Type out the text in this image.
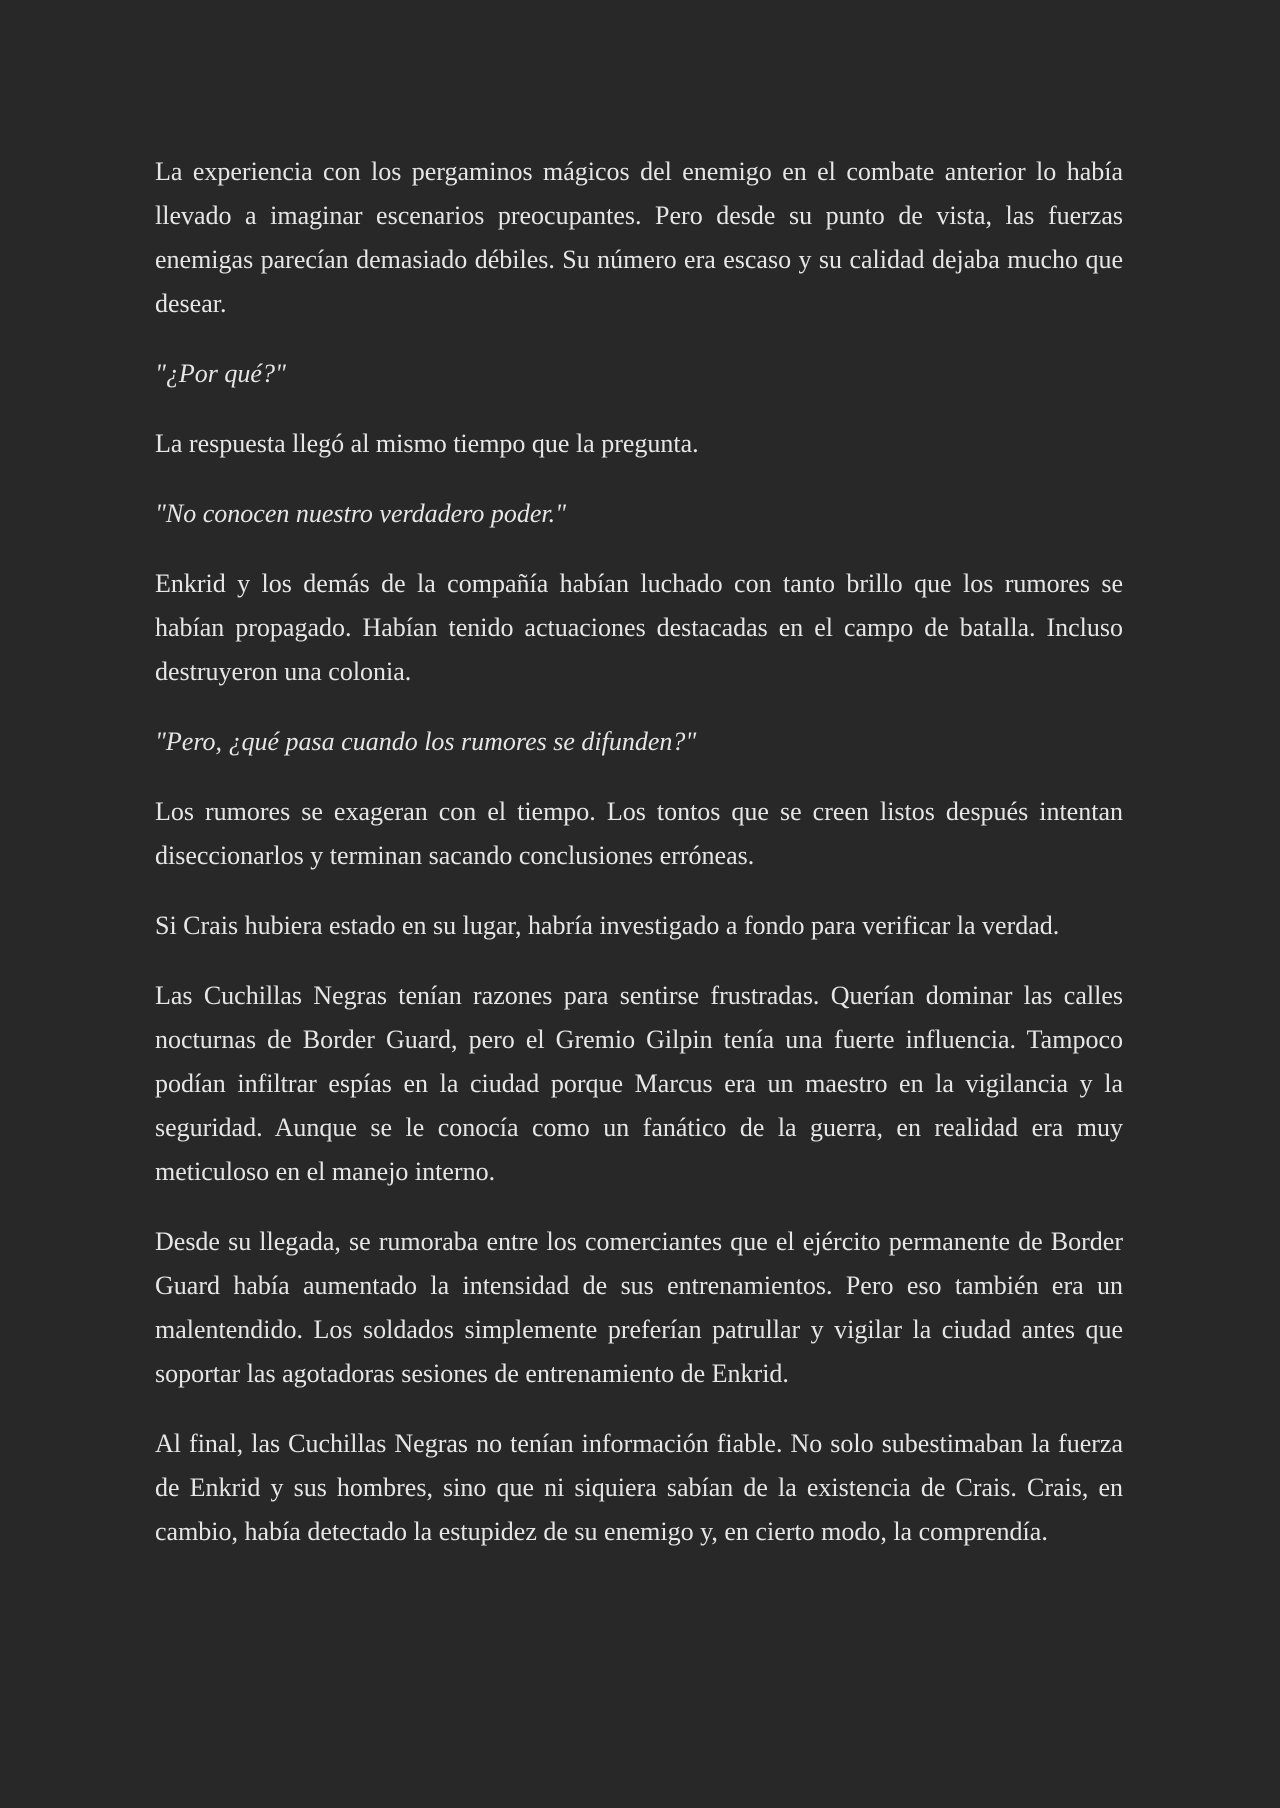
La experiencia con los pergaminos mágicos del enemigo en el combate anterior lo había llevado a imaginar escenarios preocupantes. Pero desde su punto de vista, las fuerzas enemigas parecían demasiado débiles. Su número era escaso y su calidad dejaba mucho que desear.

"¿Por qué?"

La respuesta llegó al mismo tiempo que la pregunta.

"No conocen nuestro verdadero poder."

Enkrid y los demás de la compañía habían luchado con tanto brillo que los rumores se habían propagado. Habían tenido actuaciones destacadas en el campo de batalla. Incluso destruyeron una colonia.

"Pero, ¿qué pasa cuando los rumores se difunden?"

Los rumores se exageran con el tiempo. Los tontos que se creen listos después intentan diseccionarlos y terminan sacando conclusiones erróneas.

Si Crais hubiera estado en su lugar, habría investigado a fondo para verificar la verdad.

Las Cuchillas Negras tenían razones para sentirse frustradas. Querían dominar las calles nocturnas de Border Guard, pero el Gremio Gilpin tenía una fuerte influencia. Tampoco podían infiltrar espías en la ciudad porque Marcus era un maestro en la vigilancia y la seguridad. Aunque se le conocía como un fanático de la guerra, en realidad era muy meticuloso en el manejo interno.

Desde su llegada, se rumoraba entre los comerciantes que el ejército permanente de Border Guard había aumentado la intensidad de sus entrenamientos. Pero eso también era un malentendido. Los soldados simplemente preferían patrullar y vigilar la ciudad antes que soportar las agotadoras sesiones de entrenamiento de Enkrid.

Al final, las Cuchillas Negras no tenían información fiable. No solo subestimaban la fuerza de Enkrid y sus hombres, sino que ni siquiera sabían de la existencia de Crais. Crais, en cambio, había detectado la estupidez de su enemigo y, en cierto modo, la comprendía.
